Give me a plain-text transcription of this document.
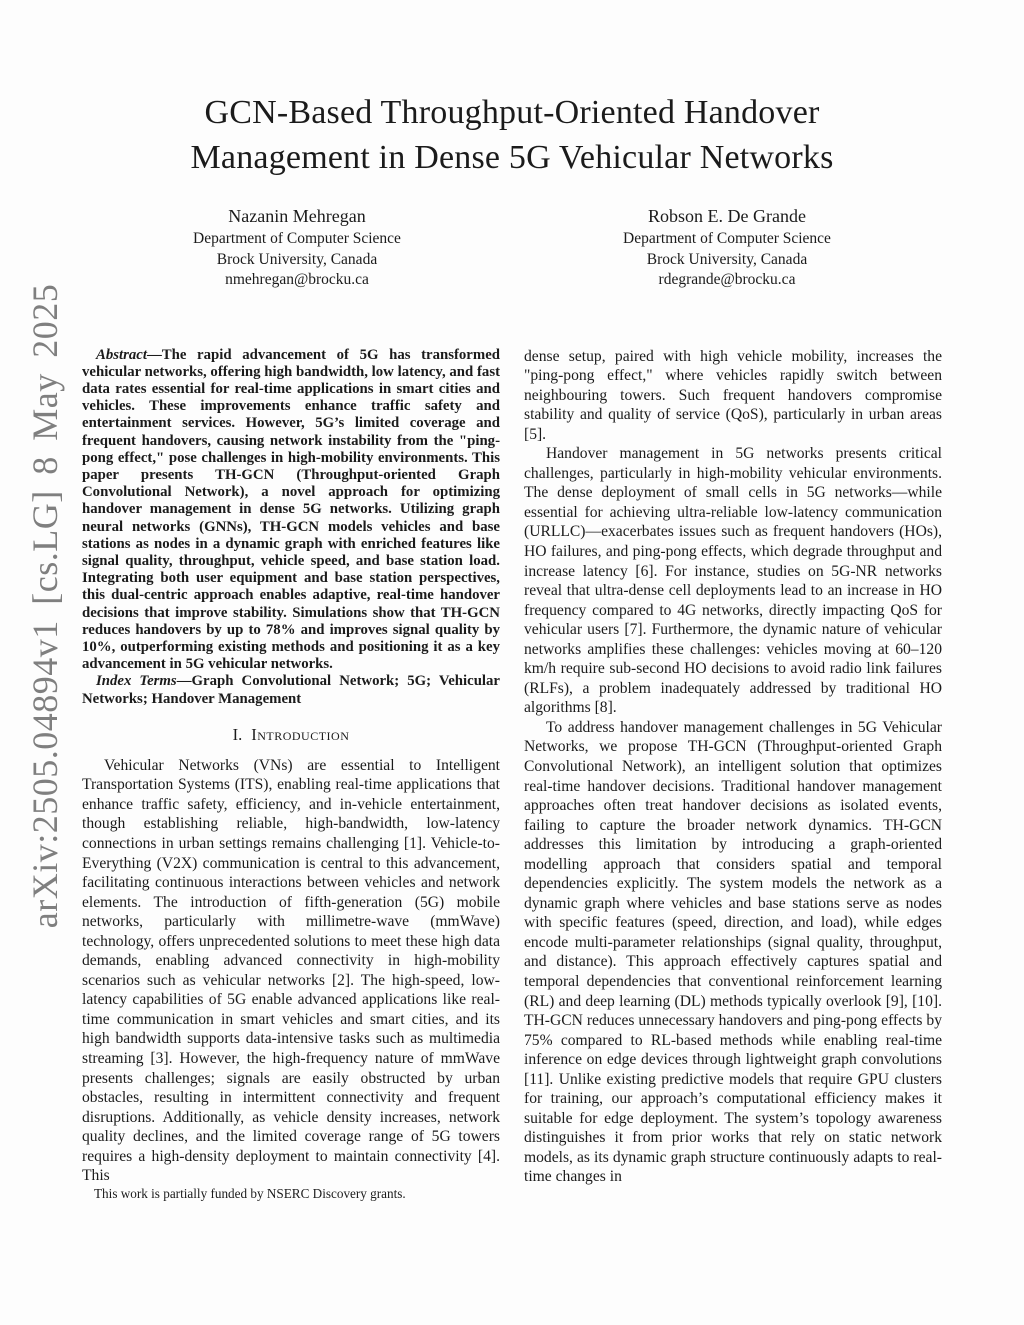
arXiv:2505.04894v1 [cs.LG] 8 May 2025
GCN-Based Throughput-Oriented Handover
Management in Dense 5G Vehicular Networks
Nazanin Mehregan
Department of Computer Science
Brock University, Canada
nmehregan@brocku.ca
Robson E. De Grande
Department of Computer Science
Brock University, Canada
rdegrande@brocku.ca

Abstract—The rapid advancement of 5G has transformed vehicular networks, offering high bandwidth, low latency, and fast data rates essential for real-time applications in smart cities and vehicles. These improvements enhance traffic safety and entertainment services. However, 5G’s limited coverage and frequent handovers, causing network instability from the "ping-pong effect," pose challenges in high-mobility environments. This paper presents TH-GCN (Throughput-oriented Graph Convolutional Network), a novel approach for optimizing handover management in dense 5G networks. Utilizing graph neural networks (GNNs), TH-GCN models vehicles and base stations as nodes in a dynamic graph with enriched features like signal quality, throughput, vehicle speed, and base station load. Integrating both user equipment and base station perspectives, this dual-centric approach enables adaptive, real-time handover decisions that improve stability. Simulations show that TH-GCN reduces handovers by up to 78% and improves signal quality by 10%, outperforming existing methods and positioning it as a key advancement in 5G vehicular networks.

Index Terms—Graph Convolutional Network; 5G; Vehicular Networks; Handover Management

I. Introduction

Vehicular Networks (VNs) are essential to Intelligent Transportation Systems (ITS), enabling real-time applications that enhance traffic safety, efficiency, and in-vehicle entertainment, though establishing reliable, high-bandwidth, low-latency connections in urban settings remains challenging [1]. Vehicle-to-Everything (V2X) communication is central to this advancement, facilitating continuous interactions between vehicles and network elements. The introduction of fifth-generation (5G) mobile networks, particularly with millimetre-wave (mmWave) technology, offers unprecedented solutions to meet these high data demands, enabling advanced connectivity in high-mobility scenarios such as vehicular networks [2]. The high-speed, low-latency capabilities of 5G enable advanced applications like real-time communication in smart vehicles and smart cities, and its high bandwidth supports data-intensive tasks such as multimedia streaming [3]. However, the high-frequency nature of mmWave presents challenges; signals are easily obstructed by urban obstacles, resulting in intermittent connectivity and frequent disruptions. Additionally, as vehicle density increases, network quality declines, and the limited coverage range of 5G towers requires a high-density deployment to maintain connectivity [4]. This

This work is partially funded by NSERC Discovery grants.

dense setup, paired with high vehicle mobility, increases the "ping-pong effect," where vehicles rapidly switch between neighbouring towers. Such frequent handovers compromise stability and quality of service (QoS), particularly in urban areas [5].

Handover management in 5G networks presents critical challenges, particularly in high-mobility vehicular environments. The dense deployment of small cells in 5G networks—while essential for achieving ultra-reliable low-latency communication (URLLC)—exacerbates issues such as frequent handovers (HOs), HO failures, and ping-pong effects, which degrade throughput and increase latency [6]. For instance, studies on 5G-NR networks reveal that ultra-dense cell deployments lead to an increase in HO frequency compared to 4G networks, directly impacting QoS for vehicular users [7]. Furthermore, the dynamic nature of vehicular networks amplifies these challenges: vehicles moving at 60–120 km/h require sub-second HO decisions to avoid radio link failures (RLFs), a problem inadequately addressed by traditional HO algorithms [8].

To address handover management challenges in 5G Vehicular Networks, we propose TH-GCN (Throughput-oriented Graph Convolutional Network), an intelligent solution that optimizes real-time handover decisions. Traditional handover management approaches often treat handover decisions as isolated events, failing to capture the broader network dynamics. TH-GCN addresses this limitation by introducing a graph-oriented modelling approach that considers spatial and temporal dependencies explicitly. The system models the network as a dynamic graph where vehicles and base stations serve as nodes with specific features (speed, direction, and load), while edges encode multi-parameter relationships (signal quality, throughput, and distance). This approach effectively captures spatial and temporal dependencies that conventional reinforcement learning (RL) and deep learning (DL) methods typically overlook [9], [10]. TH-GCN reduces unnecessary handovers and ping-pong effects by 75% compared to RL-based methods while enabling real-time inference on edge devices through lightweight graph convolutions [11]. Unlike existing predictive models that require GPU clusters for training, our approach’s computational efficiency makes it suitable for edge deployment. The system’s topology awareness distinguishes it from prior works that rely on static network models, as its dynamic graph structure continuously adapts to real-time changes in
